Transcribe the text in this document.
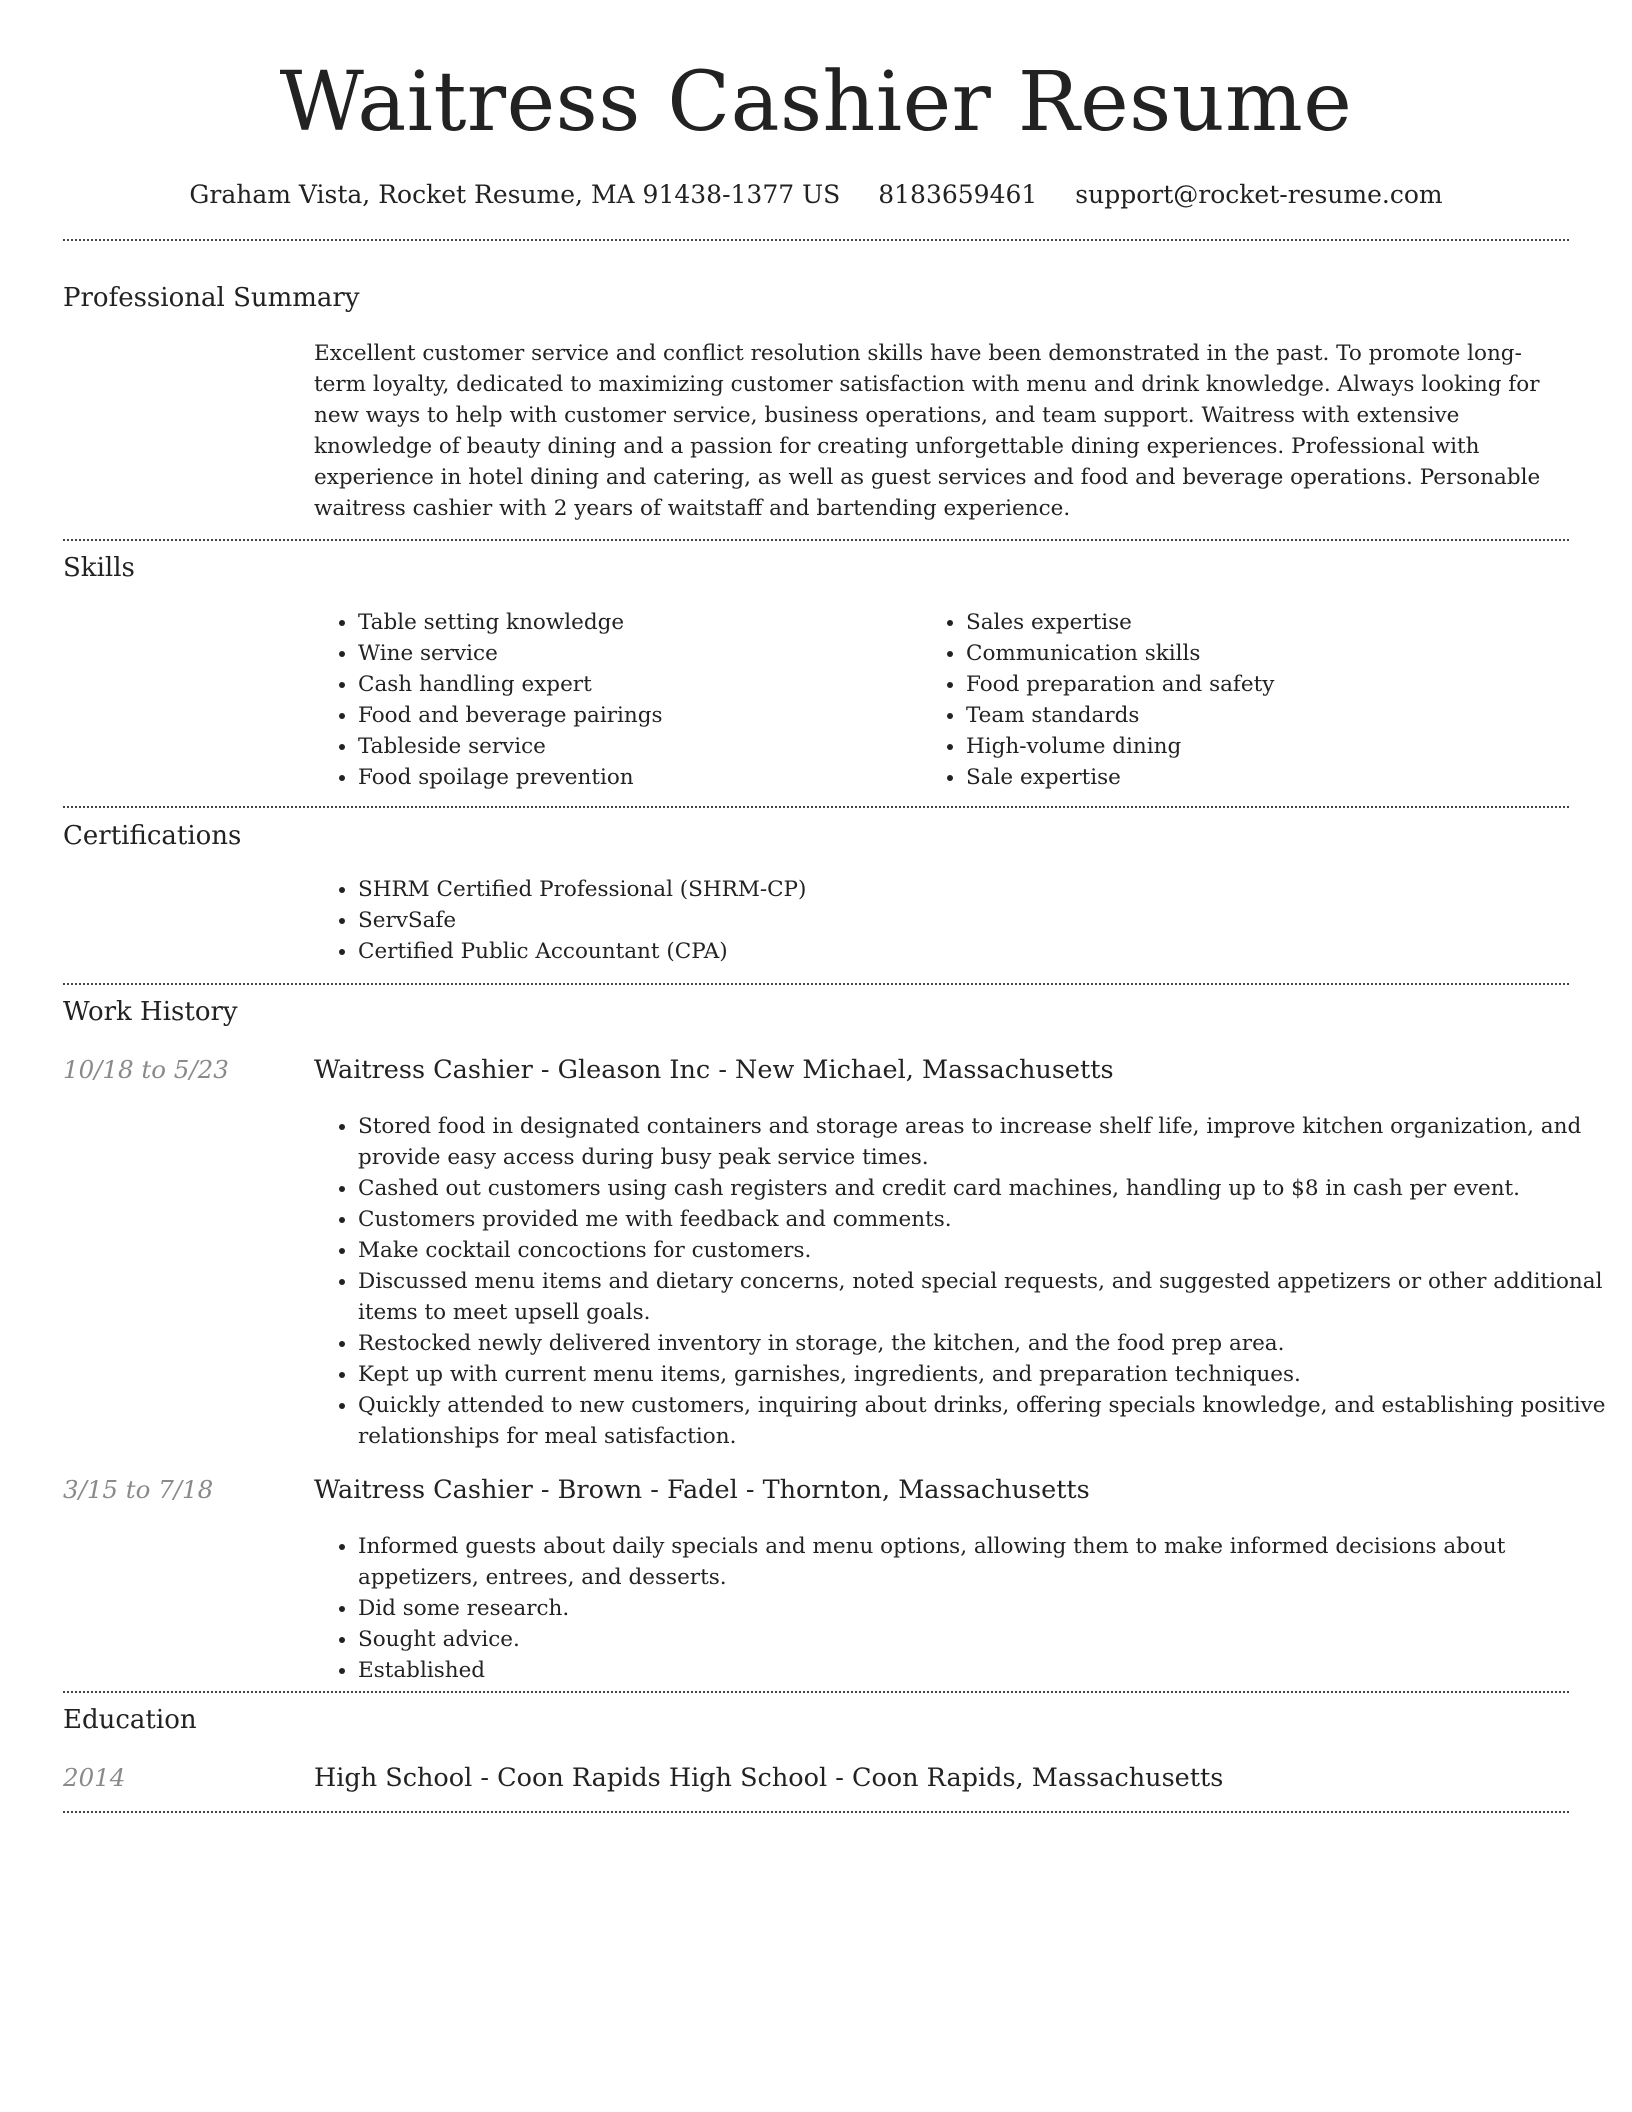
Waitress Cashier Resume
Graham Vista, Rocket Resume, MA 91438-1377 US 8183659461 support@rocket-resume.com
Professional Summary
Excellent customer service and conflict resolution skills have been demonstrated in the past. To promote long-term loyalty, dedicated to maximizing customer satisfaction with menu and drink knowledge. Always looking for new ways to help with customer service, business operations, and team support. Waitress with extensive knowledge of beauty dining and a passion for creating unforgettable dining experiences. Professional with experience in hotel dining and catering, as well as guest services and food and beverage operations. Personable waitress cashier with 2 years of waitstaff and bartending experience.
Skills
• Table setting knowledge
• Wine service
• Cash handling expert
• Food and beverage pairings
• Tableside service
• Food spoilage prevention
• Sales expertise
• Communication skills
• Food preparation and safety
• Team standards
• High-volume dining
• Sale expertise
Certifications
• SHRM Certified Professional (SHRM-CP)
• ServSafe
• Certified Public Accountant (CPA)
Work History
10/18 to 5/23	Waitress Cashier - Gleason Inc - New Michael, Massachusetts
• Stored food in designated containers and storage areas to increase shelf life, improve kitchen organization, and provide easy access during busy peak service times.
• Cashed out customers using cash registers and credit card machines, handling up to $8 in cash per event.
• Customers provided me with feedback and comments.
• Make cocktail concoctions for customers.
• Discussed menu items and dietary concerns, noted special requests, and suggested appetizers or other additional items to meet upsell goals.
• Restocked newly delivered inventory in storage, the kitchen, and the food prep area.
• Kept up with current menu items, garnishes, ingredients, and preparation techniques.
• Quickly attended to new customers, inquiring about drinks, offering specials knowledge, and establishing positive relationships for meal satisfaction.
3/15 to 7/18	Waitress Cashier - Brown - Fadel - Thornton, Massachusetts
• Informed guests about daily specials and menu options, allowing them to make informed decisions about appetizers, entrees, and desserts.
• Did some research.
• Sought advice.
• Established
Education
2014	High School - Coon Rapids High School - Coon Rapids, Massachusetts
